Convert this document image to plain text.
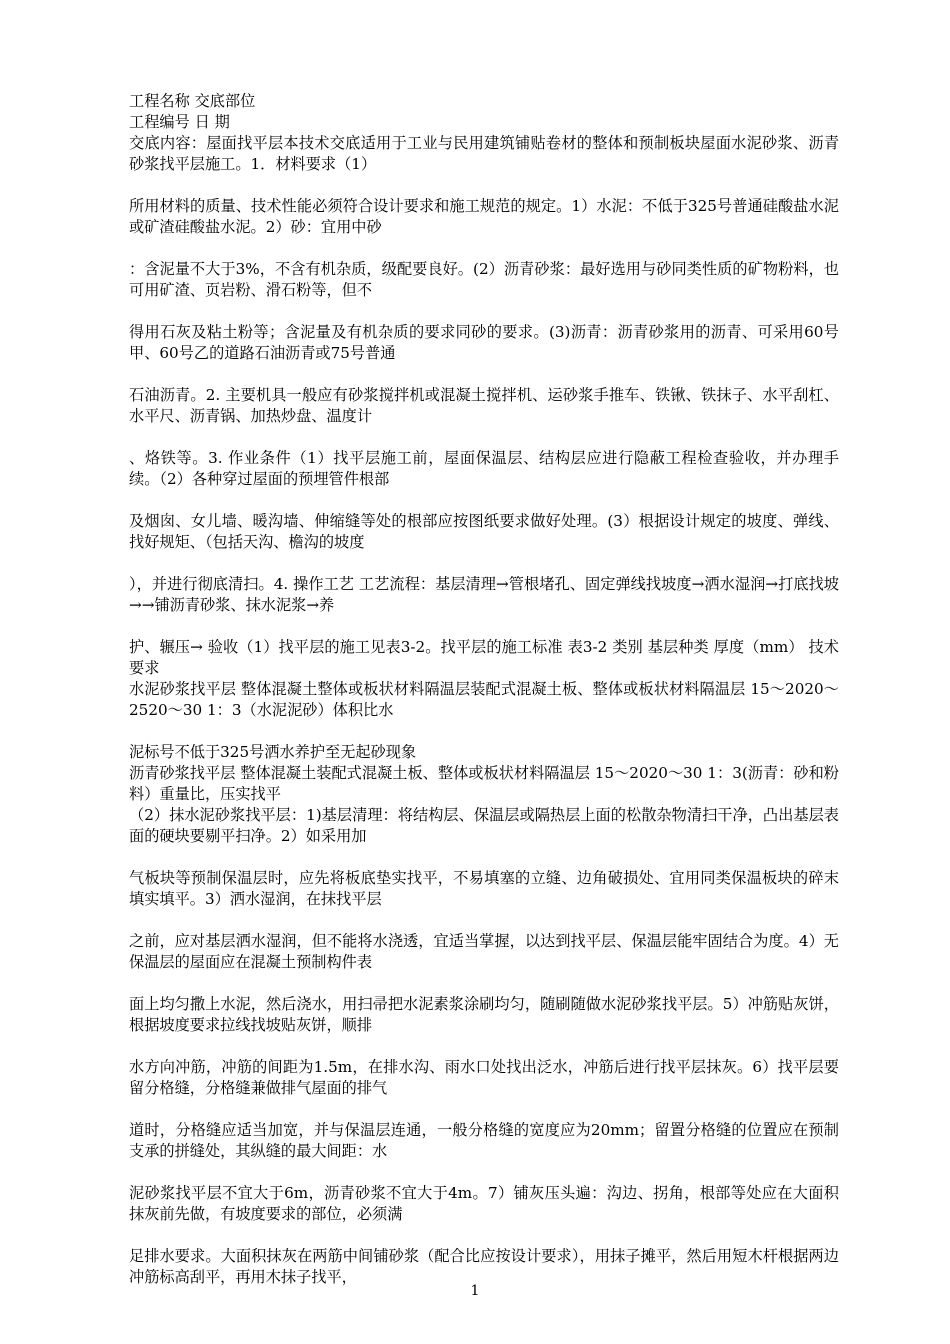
工程名称 交底部位

工程编号 日 期

交底内容：屋面找平层本技术交底适用于工业与民用建筑铺贴卷材的整体和预制板块屋面水泥砂浆、沥青砂浆找平层施工。1．材料要求（1）

所用材料的质量、技术性能必须符合设计要求和施工规范的规定。1）水泥：不低于325号普通硅酸盐水泥或矿渣硅酸盐水泥。2）砂：宜用中砂

：含泥量不大于3%，不含有机杂质，级配要良好。(2）沥青砂浆：最好选用与砂同类性质的矿物粉料，也可用矿渣、页岩粉、滑石粉等，但不

得用石灰及粘土粉等；含泥量及有机杂质的要求同砂的要求。(3)沥青：沥青砂浆用的沥青、可采用60号甲、60号乙的道路石油沥青或75号普通

石油沥青。2. 主要机具一般应有砂浆搅拌机或混凝土搅拌机、运砂浆手推车、铁锹、铁抹子、水平刮杠、水平尺、沥青锅、加热炒盘、温度计

、烙铁等。3. 作业条件（1）找平层施工前，屋面保温层、结构层应进行隐蔽工程检查验收，并办理手续。（2）各种穿过屋面的预埋管件根部

及烟囱、女儿墙、暖沟墙、伸缩缝等处的根部应按图纸要求做好处理。(3）根据设计规定的坡度、弹线、找好规矩、（包括天沟、檐沟的坡度

），并进行彻底清扫。4. 操作工艺 工艺流程：基层清理→管根堵孔、固定弹线找坡度→洒水湿润→打底找坡→→铺沥青砂浆、抹水泥浆→养

护、辗压→ 验收（1）找平层的施工见表3-2。找平层的施工标准 表3-2 类别 基层种类 厚度（mm） 技术要求

水泥砂浆找平层 整体混凝土整体或板状材料隔温层装配式混凝土板、整体或板状材料隔温层 15～2020～2520～30 1：3（水泥泥砂）体积比水

泥标号不低于325号洒水养护至无起砂现象

沥青砂浆找平层 整体混凝土装配式混凝土板、整体或板状材料隔温层 15～2020～30 1：3(沥青：砂和粉料）重量比，压实找平

（2）抹水泥砂浆找平层：1)基层清理：将结构层、保温层或隔热层上面的松散杂物清扫干净，凸出基层表面的硬块要剔平扫净。2）如采用加

气板块等预制保温层时，应先将板底垫实找平，不易填塞的立缝、边角破损处、宜用同类保温板块的碎末填实填平。3）洒水湿润，在抹找平层

之前，应对基层洒水湿润，但不能将水浇透，宜适当掌握，以达到找平层、保温层能牢固结合为度。4）无保温层的屋面应在混凝土预制构件表

面上均匀撒上水泥，然后浇水，用扫帚把水泥素浆涂刷均匀，随刷随做水泥砂浆找平层。5）冲筋贴灰饼，根据坡度要求拉线找坡贴灰饼，顺排

水方向冲筋，冲筋的间距为1.5m，在排水沟、雨水口处找出泛水，冲筋后进行找平层抹灰。6）找平层要留分格缝，分格缝兼做排气屋面的排气

道时，分格缝应适当加宽，并与保温层连通，一般分格缝的宽度应为20mm；留置分格缝的位置应在预制支承的拼缝处，其纵缝的最大间距：水

泥砂浆找平层不宜大于6m，沥青砂浆不宜大于4m。7）铺灰压头遍：沟边、拐角，根部等处应在大面积抹灰前先做，有坡度要求的部位，必须满

足排水要求。大面积抹灰在两筋中间铺砂浆（配合比应按设计要求），用抹子摊平，然后用短木杆根据两边冲筋标高刮平，再用木抹子找平，

1
